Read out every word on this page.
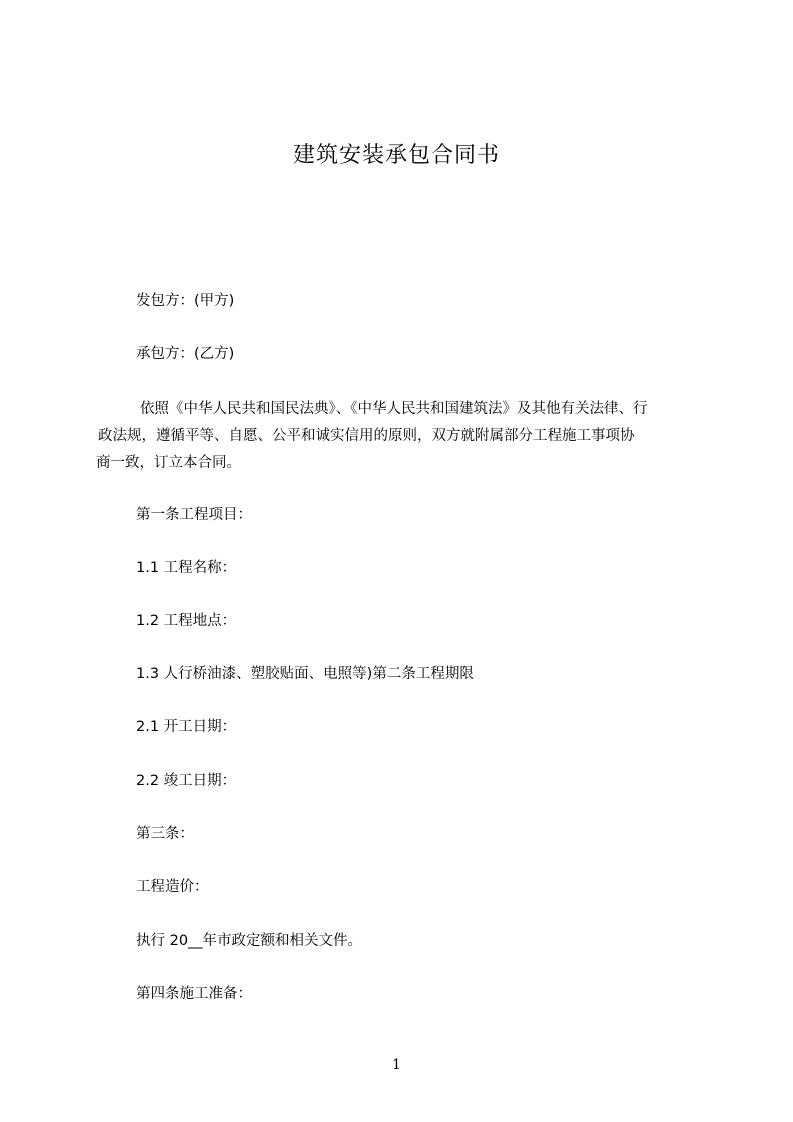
建筑安装承包合同书
发包方：(甲方)
承包方：(乙方)
依照《中华人民共和国民法典》、《中华人民共和国建筑法》及其他有关法律、行
政法规，遵循平等、自愿、公平和诚实信用的原则，双方就附属部分工程施工事项协
商一致，订立本合同。
第一条工程项目：
1.1 工程名称：
1.2 工程地点：
1.3 人行桥油漆、塑胶贴面、电照等)第二条工程期限
2.1 开工日期：
2.2 竣工日期：
第三条：
工程造价：
执行 20__年市政定额和相关文件。
第四条施工准备：
1
